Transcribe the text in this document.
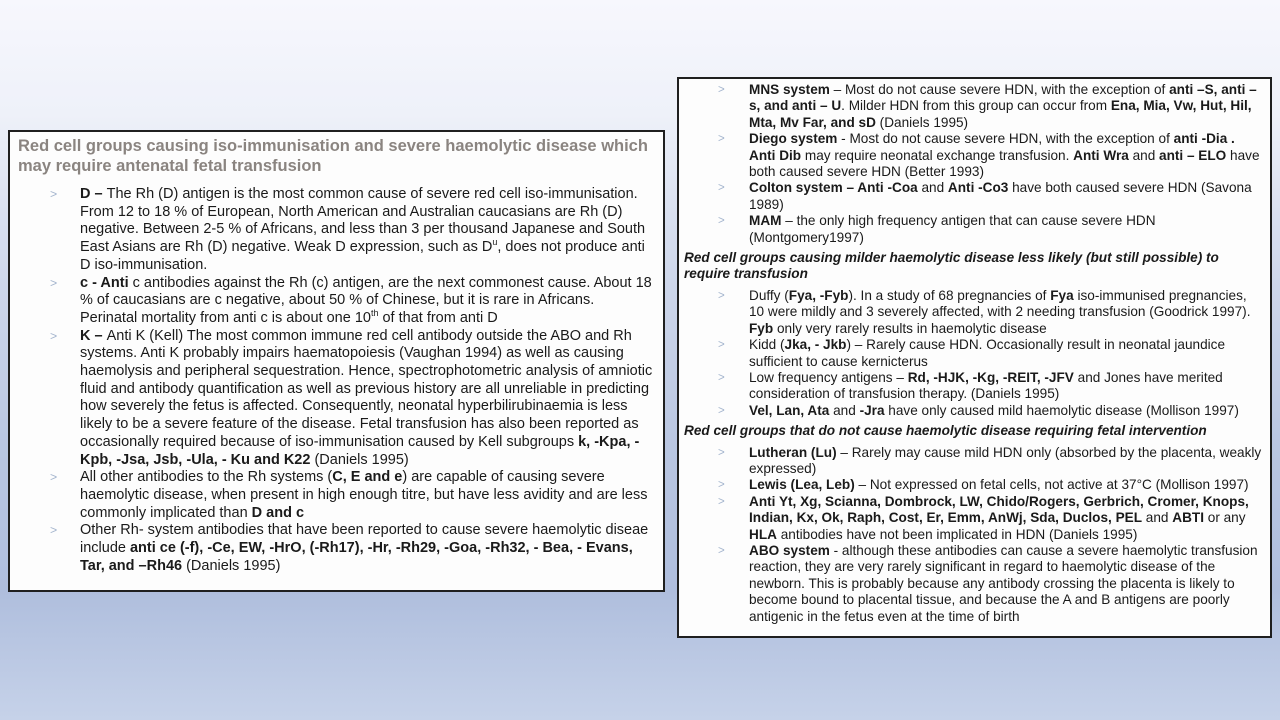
Red cell groups causing iso-immunisation and severe haemolytic disease which may require antenatal fetal transfusion
>	D – The Rh (D) antigen is the most common cause of severe red cell iso-immunisation. From 12 to 18 % of European, North American and Australian caucasians are Rh (D) negative. Between 2-5 % of Africans, and less than 3 per thousand Japanese and South East Asians are Rh (D) negative. Weak D expression, such as $D^u$, does not produce anti D iso-immunisation.
>	c - Anti c antibodies against the Rh (c) antigen, are the next commonest cause. About 18 % of caucasians are c negative, about 50 % of Chinese, but it is rare in Africans. Perinatal mortality from anti c is about one 10th of that from anti D
>	K – Anti K (Kell) The most common immune red cell antibody outside the ABO and Rh systems. Anti K probably impairs haematopoiesis (Vaughan 1994) as well as causing haemolysis and peripheral sequestration. Hence, spectrophotometric analysis of amniotic fluid and antibody quantification as well as previous history are all unreliable in predicting how severely the fetus is affected. Consequently, neonatal hyperbilirubinaemia is less likely to be a severe feature of the disease. Fetal transfusion has also been reported as occasionally required because of iso-immunisation caused by Kell subgroups k, -Kpa, -Kpb, -Jsa, Jsb, -Ula, - Ku and K22 (Daniels 1995)
>	All other antibodies to the Rh systems (C, E and e) are capable of causing severe haemolytic disease, when present in high enough titre, but have less avidity and are less commonly implicated than D and c
>	Other Rh- system antibodies that have been reported to cause severe haemolytic diseae include anti ce (-f), -Ce, EW, -HrO, (-Rh17), -Hr, -Rh29, -Goa, -Rh32, - Bea, - Evans, Tar, and –Rh46 (Daniels 1995)
>	MNS system – Most do not cause severe HDN, with the exception of anti –S, anti –s, and anti – U. Milder HDN from this group can occur from Ena, Mia, Vw, Hut, Hil, Mta, Mv Far, and sD (Daniels 1995)
>	Diego system - Most do not cause severe HDN, with the exception of anti -Dia . Anti Dib may require neonatal exchange transfusion. Anti Wra and anti – ELO have both caused severe HDN (Better 1993)
>	Colton system – Anti -Coa and Anti -Co3 have both caused severe HDN (Savona 1989)
>	MAM – the only high frequency antigen that can cause severe HDN (Montgomery1997)
Red cell groups causing milder haemolytic disease less likely (but still possible) to require transfusion
>	Duffy (Fya, -Fyb). In a study of 68 pregnancies of Fya iso-immunised pregnancies, 10 were mildly and 3 severely affected, with 2 needing transfusion (Goodrick 1997). Fyb only very rarely results in haemolytic disease
>	Kidd (Jka, - Jkb) – Rarely cause HDN. Occasionally result in neonatal jaundice sufficient to cause kernicterus
>	Low frequency antigens – Rd, -HJK, -Kg, -REIT, -JFV and Jones have merited consideration of transfusion therapy. (Daniels 1995)
>	Vel, Lan, Ata and -Jra have only caused mild haemolytic disease (Mollison 1997)
Red cell groups that do not cause haemolytic disease requiring fetal intervention
>	Lutheran (Lu) – Rarely may cause mild HDN only (absorbed by the placenta, weakly expressed)
>	Lewis (Lea, Leb) – Not expressed on fetal cells, not active at 37°C (Mollison 1997)
>	Anti Yt, Xg, Scianna, Dombrock, LW, Chido/Rogers, Gerbrich, Cromer, Knops, Indian, Kx, Ok, Raph, Cost, Er, Emm, AnWj, Sda, Duclos, PEL and ABTI or any HLA antibodies have not been implicated in HDN (Daniels 1995)
>	ABO system - although these antibodies can cause a severe haemolytic transfusion reaction, they are very rarely significant in regard to haemolytic disease of the newborn. This is probably because any antibody crossing the placenta is likely to become bound to placental tissue, and because the A and B antigens are poorly antigenic in the fetus even at the time of birth
